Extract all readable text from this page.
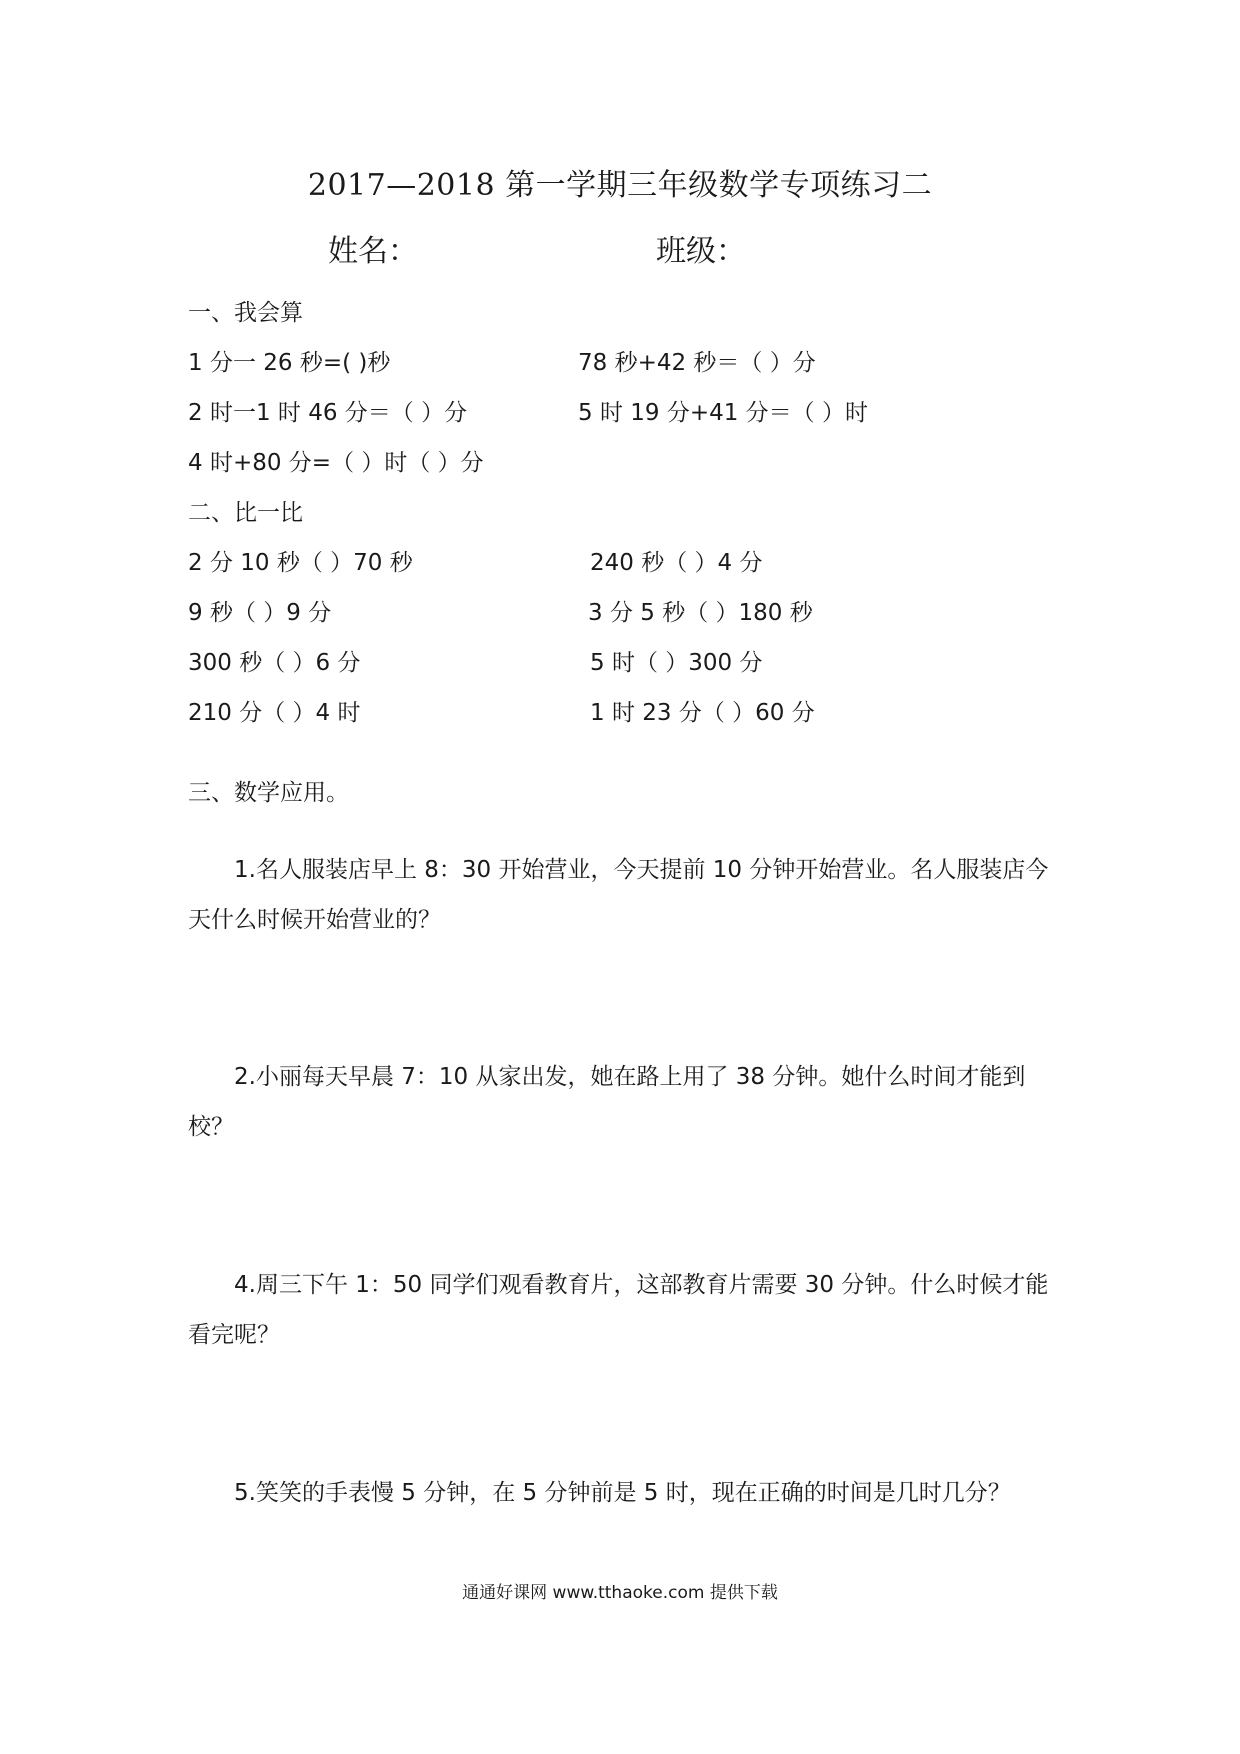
2017—2018 第一学期三年级数学专项练习二
姓名：	班级：
一、我会算
1 分一 26 秒=( )秒	78 秒+42 秒＝（ ）分
2 时一1 时 46 分＝（ ）分	5 时 19 分+41 分＝（ ）时
4 时+80 分=（ ）时（ ）分
二、比一比
2 分 10 秒（ ）70 秒	240 秒（ ）4 分
9 秒（ ）9 分	3 分 5 秒（ ）180 秒
300 秒（ ）6 分	5 时（ ）300 分
210 分（ ）4 时	1 时 23 分（ ）60 分
三、数学应用。
1.名人服装店早上 8：30 开始营业，今天提前 10 分钟开始营业。名人服装店今天什么时候开始营业的？
2.小丽每天早晨 7：10 从家出发，她在路上用了 38 分钟。她什么时间才能到校？
4.周三下午 1：50 同学们观看教育片，这部教育片需要 30 分钟。什么时候才能看完呢？
5.笑笑的手表慢 5 分钟，在 5 分钟前是 5 时，现在正确的时间是几时几分？
通通好课网 www.tthaoke.com 提供下载
